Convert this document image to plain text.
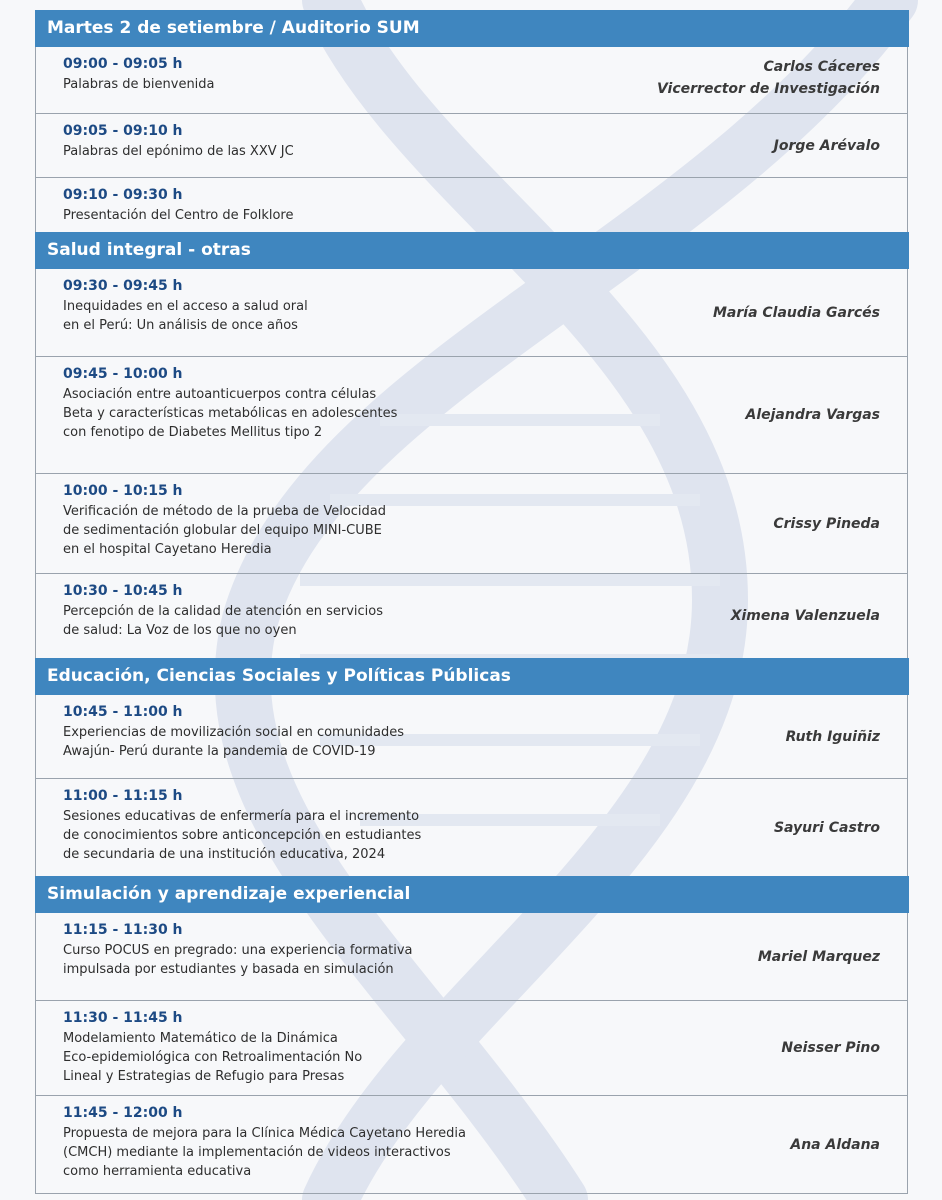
Martes 2 de setiembre / Auditorio SUM
09:00 - 09:05 h
Palabras de bienvenida
Carlos Cáceres
Vicerrector de Investigación
09:05 - 09:10 h
Palabras del epónimo de las XXV JC	Jorge Arévalo
09:10 - 09:30 h
Presentación del Centro de Folklore
Salud integral - otras
09:30 - 09:45 h
Inequidades en el acceso a salud oral
en el Perú: Un análisis de once años
María Claudia Garcés
09:45 - 10:00 h
Asociación entre autoanticuerpos contra células
Beta y características metabólicas en adolescentes
con fenotipo de Diabetes Mellitus tipo 2
Alejandra Vargas
10:00 - 10:15 h
Verificación de método de la prueba de Velocidad
de sedimentación globular del equipo MINI-CUBE
en el hospital Cayetano Heredia
Crissy Pineda
10:30 - 10:45 h
Percepción de la calidad de atención en servicios
de salud: La Voz de los que no oyen
Ximena Valenzuela
Educación, Ciencias Sociales y Políticas Públicas
10:45 - 11:00 h
Experiencias de movilización social en comunidades
Awajún- Perú durante la pandemia de COVID-19
Ruth Iguiñiz
11:00 - 11:15 h
Sesiones educativas de enfermería para el incremento
de conocimientos sobre anticoncepción en estudiantes
de secundaria de una institución educativa, 2024
Sayuri Castro
Simulación y aprendizaje experiencial
11:15 - 11:30 h
Curso POCUS en pregrado: una experiencia formativa
impulsada por estudiantes y basada en simulación
Mariel Marquez
11:30 - 11:45 h
Modelamiento Matemático de la Dinámica
Eco-epidemiológica con Retroalimentación No
Lineal y Estrategias de Refugio para Presas
Neisser Pino
11:45 - 12:00 h
Propuesta de mejora para la Clínica Médica Cayetano Heredia
(CMCH) mediante la implementación de videos interactivos
como herramienta educativa
Ana Aldana
